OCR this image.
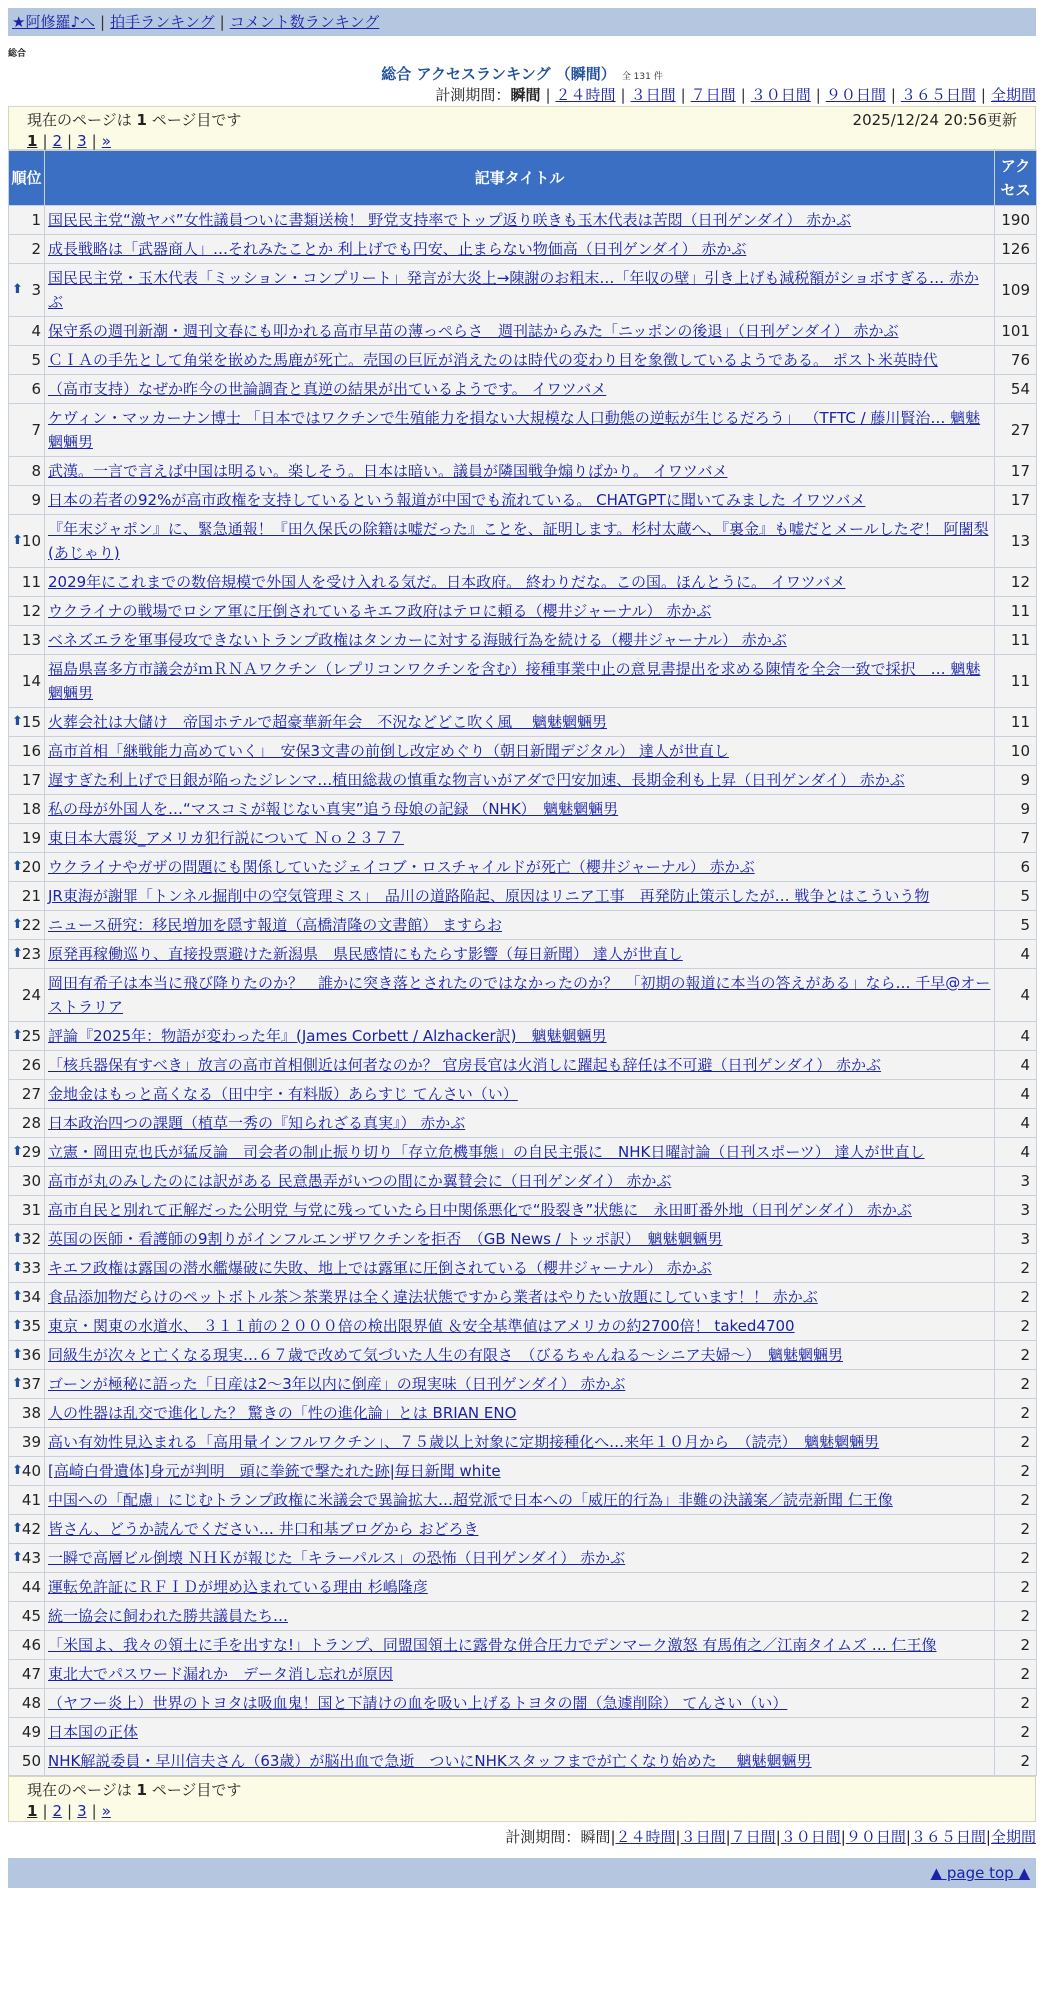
★阿修羅♪へ | 拍手ランキング | コメント数ランキング
総合
総合 アクセスランキング （瞬間） 全 131 件
計測期間：瞬間 | ２４時間 | ３日間 | ７日間 | ３０日間 | ９０日間 | ３６５日間 | 全期間
現在のページは 1 ページ目です	2025/12/24 20:56更新
1 | 2 | 3 | »
順位	記事タイトル	アクセス
1	国民民主党“激ヤバ”女性議員ついに書類送検！ 野党支持率でトップ返り咲きも玉木代表は苦悶（日刊ゲンダイ） 赤かぶ	190
2	成長戦略は「武器商人」…それみたことか 利上げでも円安、止まらない物価高（日刊ゲンダイ） 赤かぶ	126

⬆ 3	国民民主党・玉木代表「ミッション・コンプリート」発言が大炎上→陳謝のお粗末…「年収の壁」引き上げも減税額がショボすぎる… 赤かぶ	109
4	保守系の週刊新潮・週刊文春にも叩かれる高市早苗の薄っぺらさ　週刊誌からみた「ニッポンの後退」（日刊ゲンダイ） 赤かぶ	101
5	ＣＩＡの手先として角栄を嵌めた馬鹿が死亡。売国の巨匠が消えたのは時代の変わり目を象徴しているようである。 ポスト米英時代	76
6	（高市支持）なぜか昨今の世論調査と真逆の結果が出ているようです。 イワツバメ	54
7	ケヴィン・マッカーナン博士 「日本ではワクチンで生殖能力を損ない大規模な人口動態の逆転が生じるだろう」 （TFTC / 藤川賢治… 魑魅魍魎男	27
8	武漢。一言で言えば中国は明るい。楽しそう。日本は暗い。議員が隣国戦争煽りばかり。 イワツバメ	17
9	日本の若者の92%が高市政権を支持しているという報道が中国でも流れている。 CHATGPTに聞いてみました イワツバメ	17

⬆ 10	『年末ジャポン』に、緊急通報！『田久保氏の除籍は嘘だった』ことを、証明します。杉村太蔵へ、『裏金』も嘘だとメールしたぞ！ 阿闍梨(あじゃり)	13
11	2029年にこれまでの数倍規模で外国人を受け入れる気だ。日本政府。 終わりだな。この国。ほんとうに。 イワツバメ	12
12	ウクライナの戦場でロシア軍に圧倒されているキエフ政府はテロに頼る（櫻井ジャーナル） 赤かぶ	11
13	ベネズエラを軍事侵攻できないトランプ政権はタンカーに対する海賊行為を続ける（櫻井ジャーナル） 赤かぶ	11
14	福島県喜多方市議会がｍＲＮＡワクチン（レプリコンワクチンを含む）接種事業中止の意見書提出を求める陳情を全会一致で採択　… 魑魅魍魎男	11

⬆ 15	火葬会社は大儲け　帝国ホテルで超豪華新年会　不況などどこ吹く風　 魑魅魍魎男	11
16	高市首相「継戦能力高めていく」　安保3文書の前倒し改定めぐり（朝日新聞デジタル） 達人が世直し	10
17	遅すぎた利上げで日銀が陥ったジレンマ…植田総裁の慎重な物言いがアダで円安加速、長期金利も上昇（日刊ゲンダイ） 赤かぶ	9
18	私の母が外国人を…“マスコミが報じない真実”追う母娘の記録 （NHK）　魑魅魍魎男	9
19	東日本大震災_アメリカ犯行説について Ｎｏ２３７７	7

⬆ 20	ウクライナやガザの問題にも関係していたジェイコブ・ロスチャイルドが死亡（櫻井ジャーナル） 赤かぶ	6
21	JR東海が謝罪「トンネル掘削中の空気管理ミス」　品川の道路陥起、原因はリニア工事　再発防止策示したが… 戦争とはこういう物	5

⬆ 22	ニュース研究：移民増加を隠す報道（高橋清隆の文書館） ますらお	5

⬆ 23	原発再稼働巡り、直接投票避けた新潟県　県民感情にもたらす影響（毎日新聞） 達人が世直し	4
24	岡田有希子は本当に飛び降りたのか？　誰かに突き落とされたのではなかったのか？　「初期の報道に本当の答えがある」なら… 千早@オーストラリア	4

⬆ 25	評論『2025年：物語が変わった年』(James Corbett / Alzhacker訳)　魑魅魍魎男	4
26	「核兵器保有すべき」放言の高市首相側近は何者なのか？ 官房長官は火消しに躍起も辞任は不可避（日刊ゲンダイ） 赤かぶ	4
27	金地金はもっと高くなる（田中宇・有料版）あらすじ てんさい（い）	4
28	日本政治四つの課題（植草一秀の『知られざる真実』） 赤かぶ	4

⬆ 29	立憲・岡田克也氏が猛反論　司会者の制止振り切り「存立危機事態」の自民主張に　NHK日曜討論（日刊スポーツ） 達人が世直し	4
30	高市が丸のみしたのには訳がある 民意愚弄がいつの間にか翼賛会に（日刊ゲンダイ） 赤かぶ	3
31	高市自民と別れて正解だった公明党 与党に残っていたら日中関係悪化で“股裂き”状態に　永田町番外地（日刊ゲンダイ） 赤かぶ	3

⬆ 32	英国の医師・看護師の9割りがインフルエンザワクチンを拒否　（GB News / トッポ訳）　魑魅魍魎男	3

⬆ 33	キエフ政権は露国の潜水艦爆破に失敗、地上では露軍に圧倒されている（櫻井ジャーナル） 赤かぶ	2

⬆ 34	食品添加物だらけのペットボトル茶＞茶業界は全く違法状態ですから業者はやりたい放題にしています！！ 赤かぶ	2

⬆ 35	東京・関東の水道水、 ３１１前の２０００倍の検出限界値 ＆安全基準値はアメリカの約2700倍！ taked4700	2

⬆ 36	同級生が次々と亡くなる現実…６７歳で改めて気づいた人生の有限さ　（びるちゃんねる～シニア夫婦～）　魑魅魍魎男	2

⬆ 37	ゴーンが極秘に語った「日産は2～3年以内に倒産」の現実味（日刊ゲンダイ） 赤かぶ	2
38	人の性器は乱交で進化した？ 驚きの「性の進化論」とは BRIAN ENO	2
39	高い有効性見込まれる「高用量インフルワクチン」、７５歳以上対象に定期接種化へ…来年１０月から　（読売）　魑魅魍魎男	2

⬆ 40	[高崎白骨遺体]身元が判明　頭に拳銃で撃たれた跡|毎日新聞 white	2
41	中国への「配慮」にじむトランプ政権に米議会で異論拡大…超党派で日本への「威圧的行為」非難の決議案／読売新聞 仁王像	2

⬆ 42	皆さん、どうか読んでください… 井口和基ブログから おどろき	2

⬆ 43	一瞬で高層ビル倒壊 ＮＨＫが報じた「キラーパルス」の恐怖（日刊ゲンダイ） 赤かぶ	2
44	運転免許証にＲＦＩＤが埋め込まれている理由 杉嶋隆彦	2
45	統一協会に飼われた勝共議員たち…	2
46	「米国よ、我々の領土に手を出すな!」トランプ、同盟国領土に露骨な併合圧力でデンマーク激怒 有馬侑之／江南タイムズ … 仁王像	2
47	東北大でパスワード漏れか　データ消し忘れが原因	2
48	（ヤフー炎上）世界のトヨタは吸血鬼！国と下請けの血を吸い上げるトヨタの闇（急遽削除） てんさい（い）	2
49	日本国の正体	2
50	NHK解説委員・早川信夫さん（63歳）が脳出血で急逝　ついにNHKスタッフまでが亡くなり始めた　 魑魅魍魎男	2
現在のページは 1 ページ目です
1 | 2 | 3 | »
計測期間：瞬間|２４時間|３日間|７日間|３０日間|９０日間|３６５日間|全期間
▲ page top ▲
